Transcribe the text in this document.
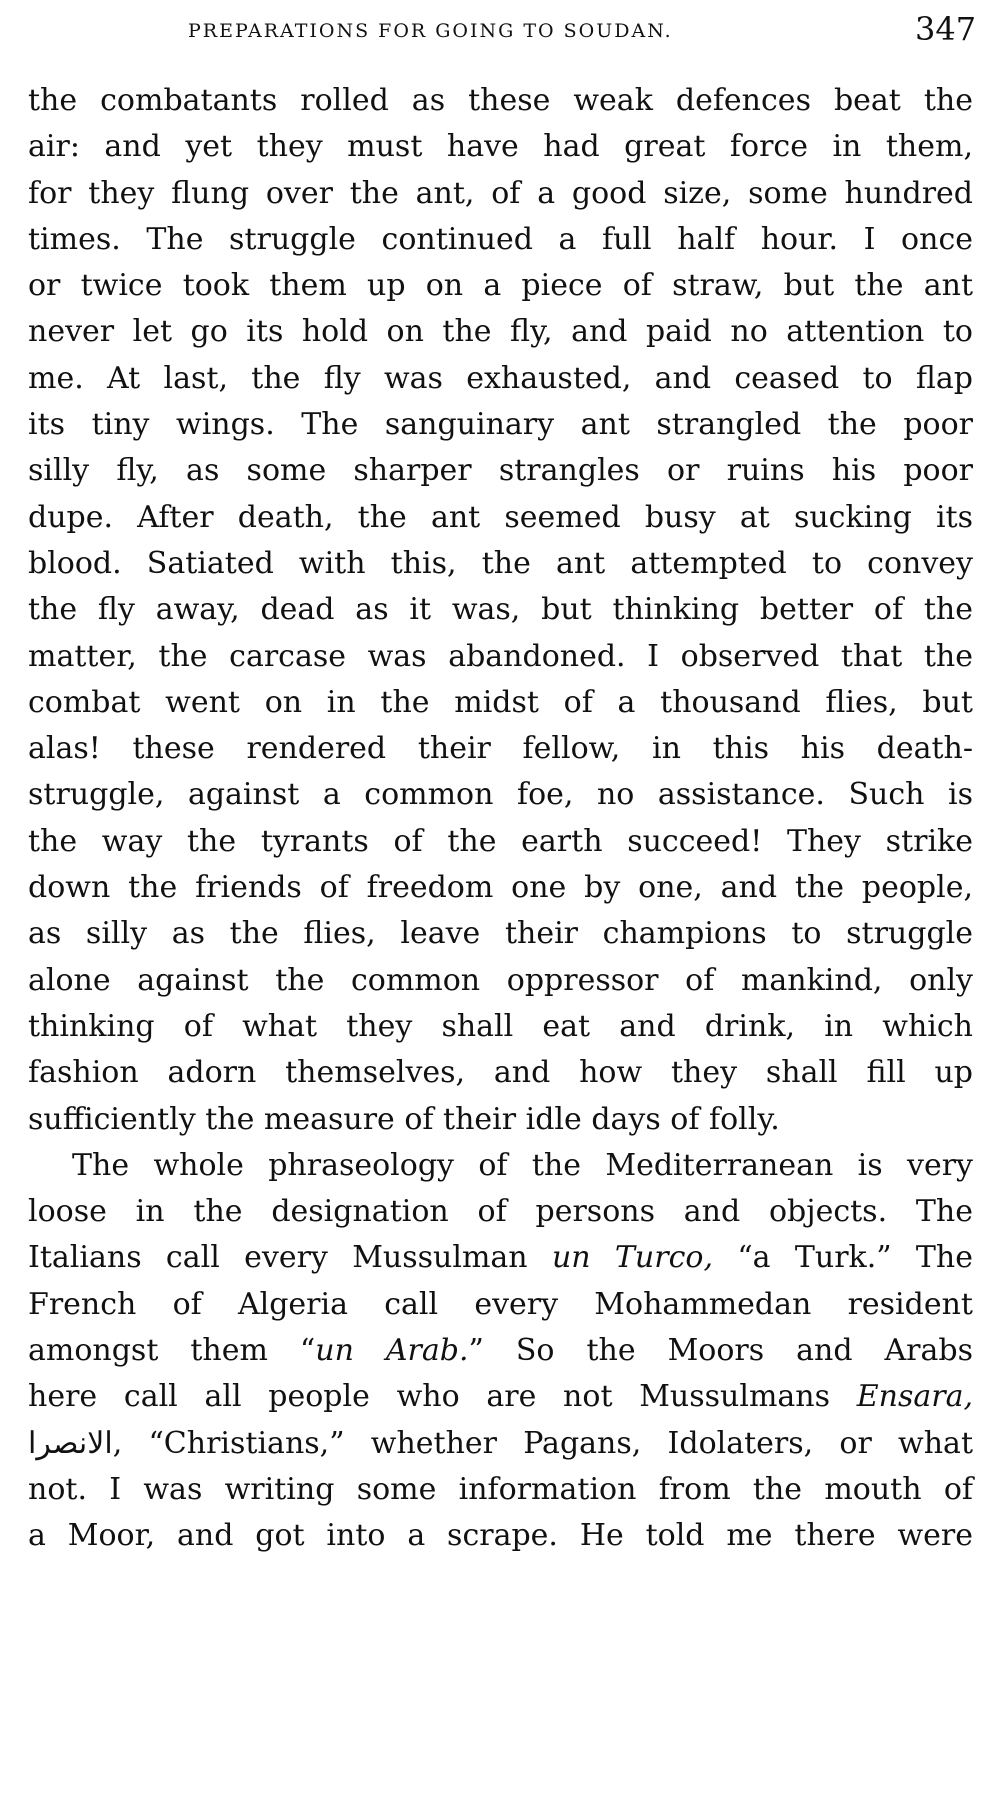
PREPARATIONS FOR GOING TO SOUDAN.	347
the combatants rolled as these weak defences beat the
air: and yet they must have had great force in them,
for they flung over the ant, of a good size, some hundred
times. The struggle continued a full half hour. I once
or twice took them up on a piece of straw, but the ant
never let go its hold on the fly, and paid no attention to
me. At last, the fly was exhausted, and ceased to flap
its tiny wings. The sanguinary ant strangled the poor
silly fly, as some sharper strangles or ruins his poor
dupe. After death, the ant seemed busy at sucking its
blood. Satiated with this, the ant attempted to convey
the fly away, dead as it was, but thinking better of the
matter, the carcase was abandoned. I observed that the
combat went on in the midst of a thousand flies, but
alas! these rendered their fellow, in this his death-
struggle, against a common foe, no assistance. Such is
the way the tyrants of the earth succeed! They strike
down the friends of freedom one by one, and the people,
as silly as the flies, leave their champions to struggle
alone against the common oppressor of mankind, only
thinking of what they shall eat and drink, in which
fashion adorn themselves, and how they shall fill up
sufficiently the measure of their idle days of folly.
The whole phraseology of the Mediterranean is very
loose in the designation of persons and objects. The
Italians call every Mussulman un Turco, “a Turk.” The
French of Algeria call every Mohammedan resident
amongst them “un Arab.” So the Moors and Arabs
here call all people who are not Mussulmans Ensara,
الانصرا, “Christians,” whether Pagans, Idolaters, or what
not. I was writing some information from the mouth of
a Moor, and got into a scrape. He told me there were
